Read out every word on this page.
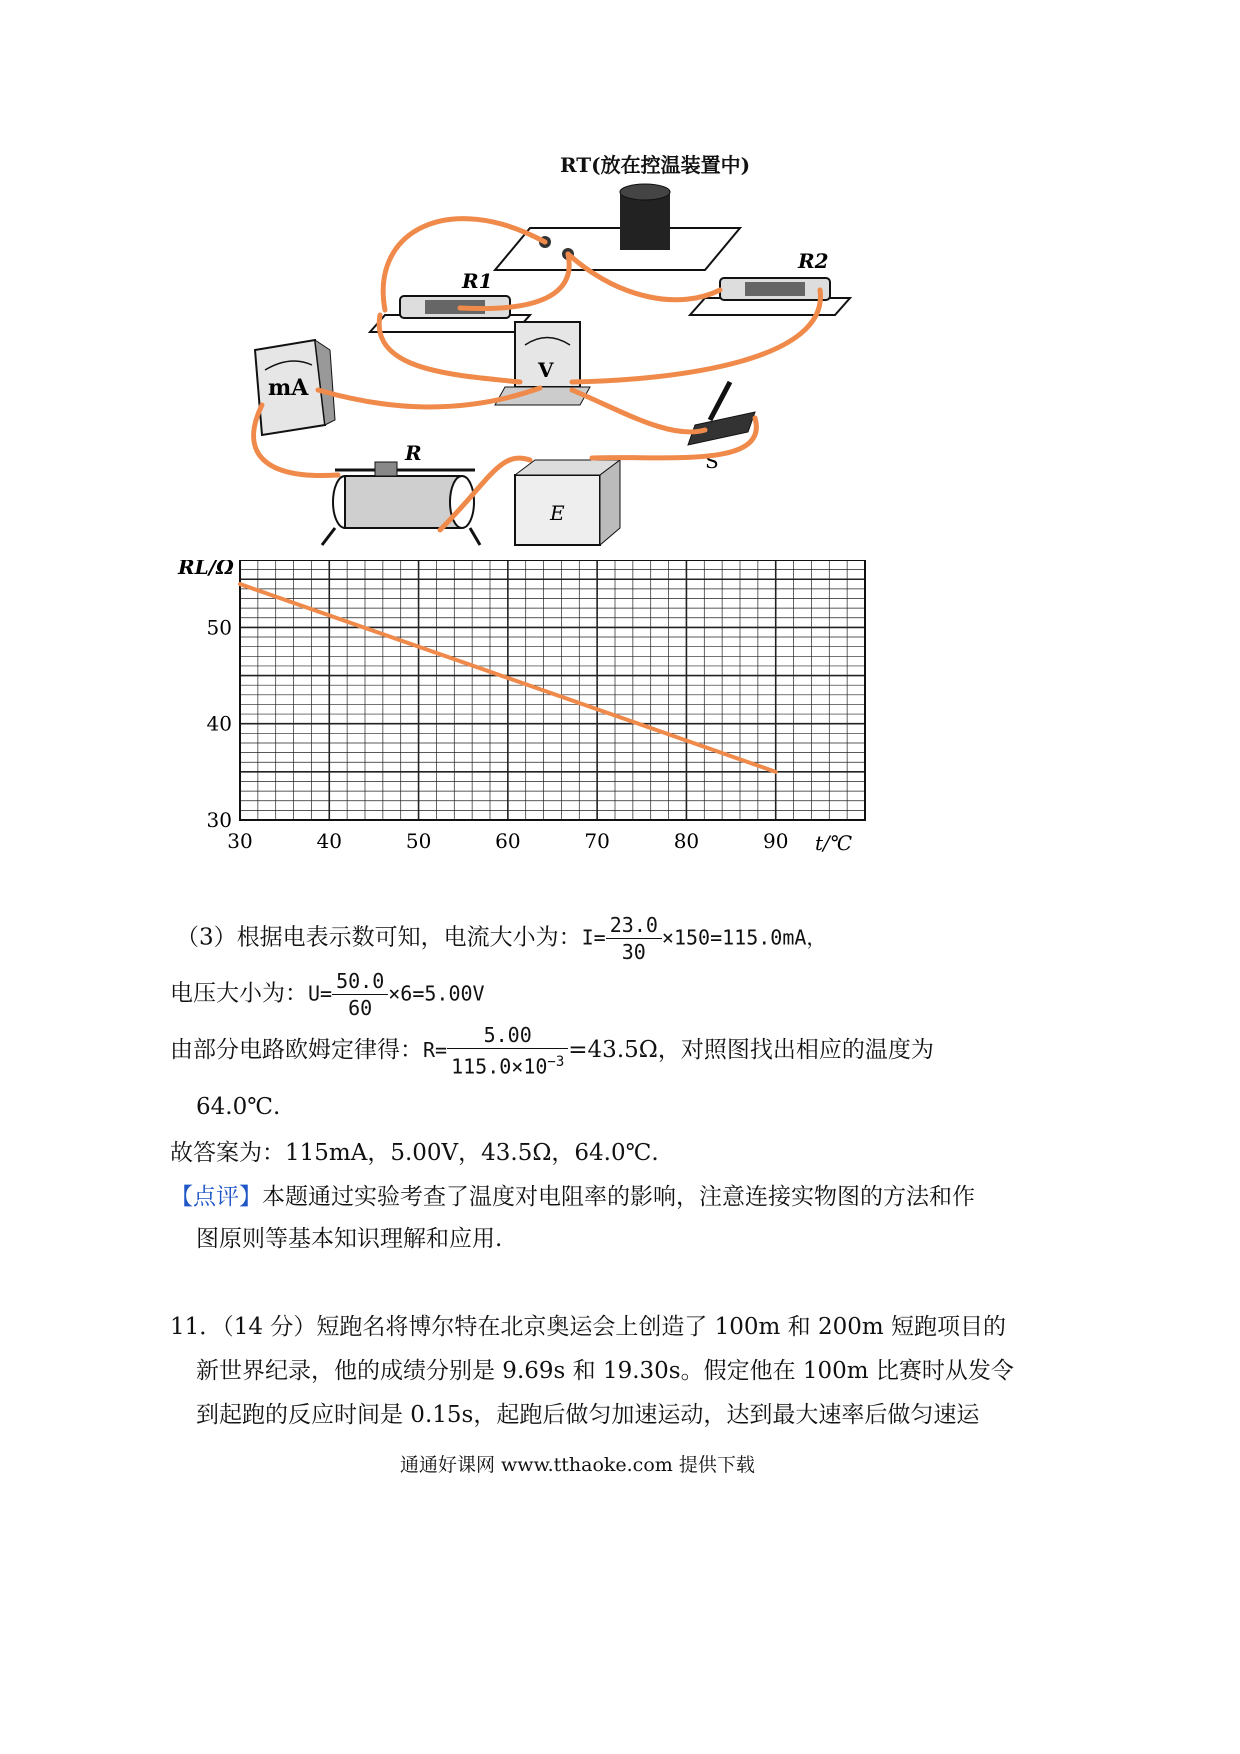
RT(放在控温装置中)
R1
R2
mA
V
S
R
E
30	40	50	60	70	80	90
30
40
50
RL/Ω
t/℃
（3）根据电表示数可知，电流大小为：$I= \frac{23.0}{30} \times 150=115.0mA$，
电压大小为：$U= \frac{50.0}{60} \times 6=5.00V$
由部分电路欧姆定律得：$R= \frac{5.00}{115.0\times 10^{-3}} =43.5\Omega$，对照图找出相应的温度为
64.0℃.
故答案为：115mA，5.00V，43.5Ω，64.0℃.
【点评】本题通过实验考查了温度对电阻率的影响，注意连接实物图的方法和作
图原则等基本知识理解和应用.
11．（14 分）短跑名将博尔特在北京奥运会上创造了 100m 和 200m 短跑项目的
新世界纪录，他的成绩分别是 9.69s 和 19.30s。假定他在 100m 比赛时从发令
到起跑的反应时间是 0.15s，起跑后做匀加速运动，达到最大速率后做匀速运
通通好课网 www.tthaoke.com 提供下载
